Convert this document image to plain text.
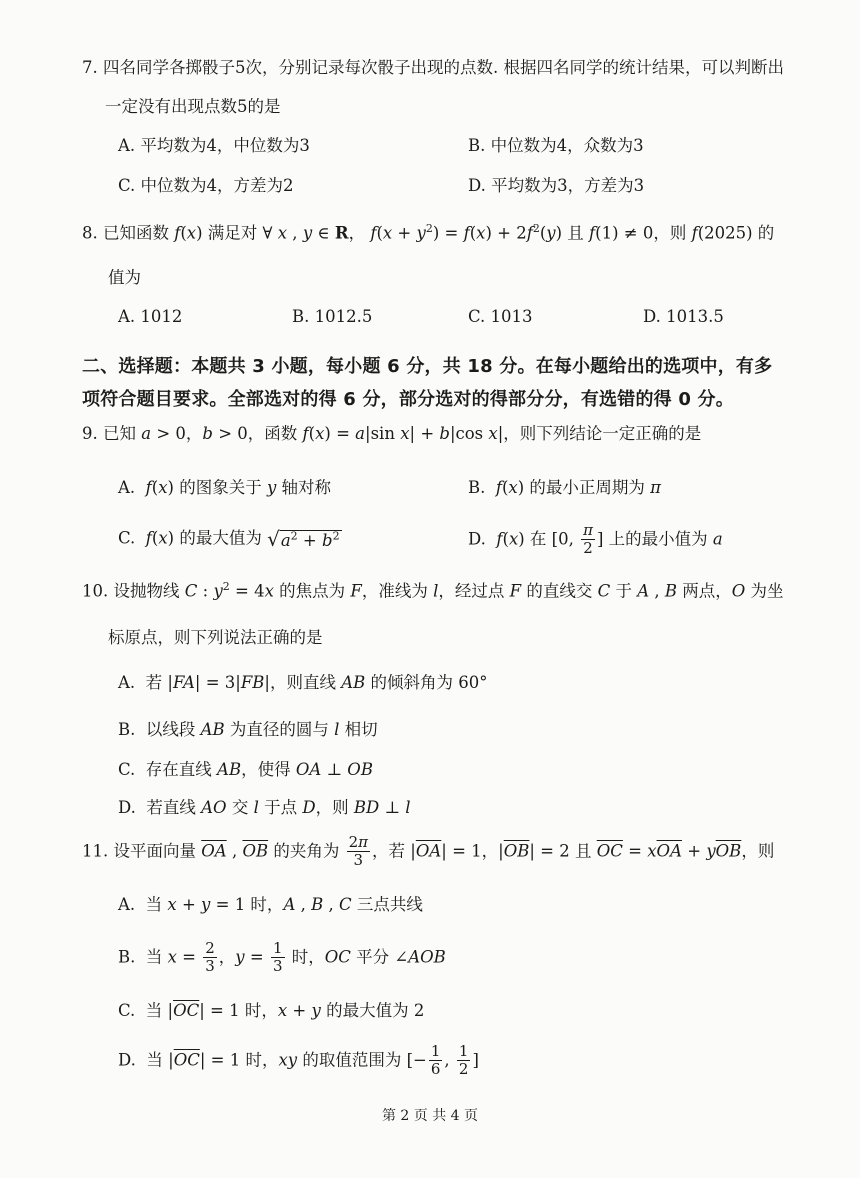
7. 四名同学各掷骰子5次，分别记录每次骰子出现的点数. 根据四名同学的统计结果，可以判断出
一定没有出现点数5的是
A. 平均数为4，中位数为3	B. 中位数为4，众数为3
C. 中位数为4，方差为2	D. 平均数为3，方差为3
8. 已知函数 f(x) 满足对 ∀ x , y ∈ R， $f(x + y^2) = f(x) + 2f^2(y)$ 且 f(1) ≠ 0，则 f(2025) 的
值为
A. 1012	B. 1012.5	C. 1013	D. 1013.5
二、选择题：本题共 3 小题，每小题 6 分，共 18 分。在每小题给出的选项中，有多
项符合题目要求。全部选对的得 6 分，部分选对的得部分分，有选错的得 0 分。
9. 已知 a > 0，b > 0，函数 f(x) = a|sin x| + b|cos x|，则下列结论一定正确的是
A.  f(x) 的图象关于 y 轴对称	B.  f(x) 的最小正周期为 π
C.  f(x) 的最大值为 $√a^2 + b^2$	D.  f(x) 在 [0, $\frac{\pi}{2}$ ] 上的最小值为 a
10. 设抛物线 C : $y^2 = 4x$ 的焦点为 F，准线为 l，经过点 F 的直线交 C 于 A , B 两点，O 为坐
标原点，则下列说法正确的是
A.  若 |FA| = 3|FB|，则直线 AB 的倾斜角为 60°
B.  以线段 AB 为直径的圆与 l 相切
C.  存在直线 AB，使得 OA ⊥ OB
D.  若直线 AO 交 l 于点 D，则 BD ⊥ l
11. 设平面向量 $\overline{OA}$ , $\overline{OB}$ 的夹角为 $\frac{2\pi}{3}$ ，若 $|\overline{OA}| = 1$，$|\overline{OB}| = 2$ 且 $\overline{OC} = x\overline{OA} + y\overline{OB}$，则
A.  当 x + y = 1 时，A , B , C 三点共线
B.  当 $x = \frac{2}{3}$ ，$y = \frac{1}{3}$ 时，OC 平分 ∠AOB
C.  当 $|\overline{OC}| = 1$ 时，x + y 的最大值为 2
D.  当 $|\overline{OC}| = 1$ 时，xy 的取值范围为 [− $\frac{1}{6}$ , $\frac{1}{2}$ ]
第 2 页 共 4 页
